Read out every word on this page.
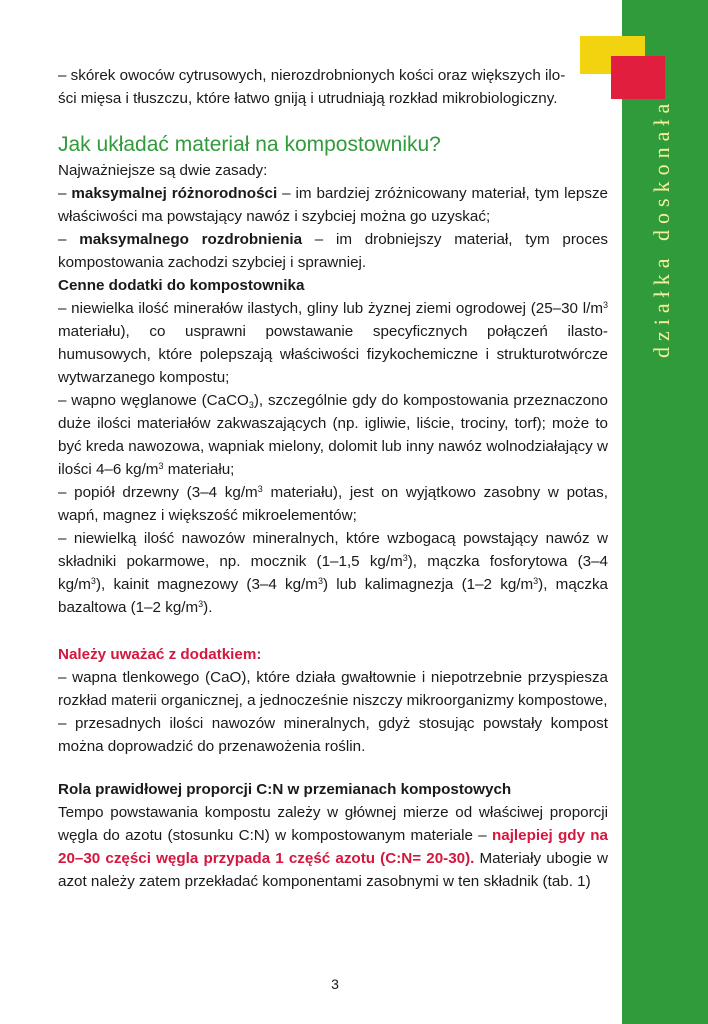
działka doskonała

– skórek owoców cytrusowych, nierozdrobnionych kości oraz większych ilo-

ści mięsa i tłuszczu, które łatwo gniją i utrudniają rozkład mikrobiologiczny.

Jak układać materiał na kompostowniku?

Najważniejsze są dwie zasady:

– maksymalnej różnorodności – im bardziej zróżnicowany materiał, tym lepsze właściwości ma powstający nawóz i szybciej można go uzyskać;

– maksymalnego rozdrobnienia – im drobniejszy materiał, tym proces kompostowania zachodzi szybciej i sprawniej.

Cenne dodatki do kompostownika

– niewielka ilość minerałów ilastych, gliny lub żyznej ziemi ogrodowej (25–30 $l/m^3$ materiału), co usprawni powstawanie specyficznych połączeń ilasto-humusowych, które polepszają właściwości fizykochemiczne i strukturotwórcze wytwarzanego kompostu;

– wapno węglanowe (CaCO$_3$), szczególnie gdy do kompostowania przeznaczono duże ilości materiałów zakwaszających (np. igliwie, liście, trociny, torf); może to być kreda nawozowa, wapniak mielony, dolomit lub inny nawóz wolnodziałający w ilości 4–6 $kg/m^3$ materiału;

– popiół drzewny (3–4 $kg/m^3$ materiału), jest on wyjątkowo zasobny w potas, wapń, magnez i większość mikroelementów;

– niewielką ilość nawozów mineralnych, które wzbogacą powstający nawóz w składniki pokarmowe, np. mocznik (1–1,5 $kg/m^3$), mączka fosforytowa (3–4 $kg/m^3$), kainit magnezowy (3–4 $kg/m^3$) lub kalimagnezja (1–2 $kg/m^3$), mączka bazaltowa (1–2 $kg/m^3$).

Należy uważać z dodatkiem:

– wapna tlenkowego (CaO), które działa gwałtownie i niepotrzebnie przyspiesza rozkład materii organicznej, a jednocześnie niszczy mikroorganizmy kompostowe,

– przesadnych ilości nawozów mineralnych, gdyż stosując powstały kompost można doprowadzić do przenawożenia roślin.

Rola prawidłowej proporcji C:N w przemianach kompostowych

Tempo powstawania kompostu zależy w głównej mierze od właściwej proporcji węgla do azotu (stosunku C:N) w kompostowanym materiale – najlepiej gdy na 20–30 części węgla przypada 1 część azotu (C:N= 20-30). Materiały ubogie w azot należy zatem przekładać komponentami zasobnymi w ten składnik (tab. 1)

3
